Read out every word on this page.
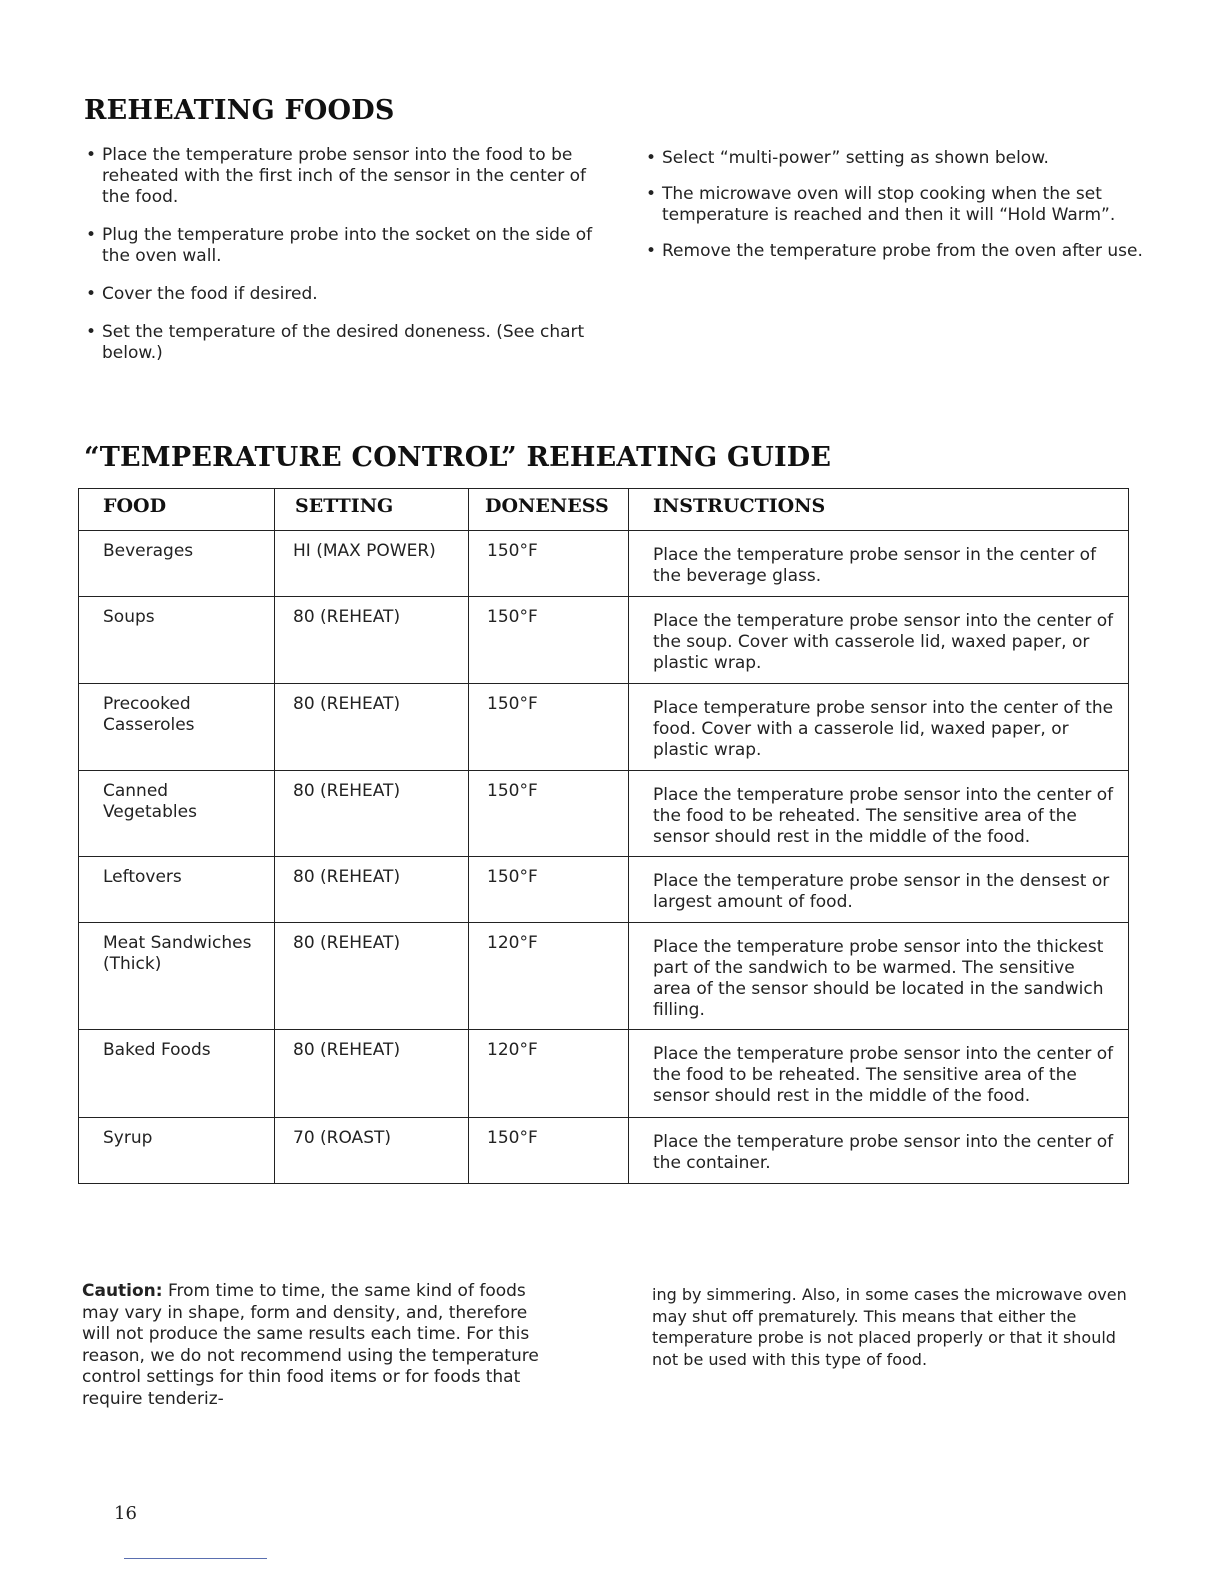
REHEATING FOODS
• Place the temperature probe sensor into the food to be reheated with the first inch of the sensor in the center of the food.
• Plug the temperature probe into the socket on the side of the oven wall.
• Cover the food if desired.
• Set the temperature of the desired doneness. (See chart below.)
• Select “multi-power” setting as shown below.
• The microwave oven will stop cooking when the set temperature is reached and then it will “Hold Warm”.
• Remove the temperature probe from the oven after use.
“TEMPERATURE CONTROL” REHEATING GUIDE
FOOD	SETTING	DONENESS	INSTRUCTIONS
Beverages	HI (MAX POWER)	150°F	Place the temperature probe sensor in the center of the beverage glass.
Soups	80 (REHEAT)	150°F	Place the temperature probe sensor into the center of the soup. Cover with casserole lid, waxed paper, or plastic wrap.
Precooked Casseroles	80 (REHEAT)	150°F	Place temperature probe sensor into the center of the food. Cover with a casserole lid, waxed paper, or plastic wrap.
Canned Vegetables	80 (REHEAT)	150°F	Place the temperature probe sensor into the center of the food to be reheated. The sensitive area of the sensor should rest in the middle of the food.
Leftovers	80 (REHEAT)	150°F	Place the temperature probe sensor in the densest or largest amount of food.
Meat Sandwiches (Thick)	80 (REHEAT)	120°F	Place the temperature probe sensor into the thickest part of the sandwich to be warmed. The sensitive area of the sensor should be located in the sandwich filling.
Baked Foods	80 (REHEAT)	120°F	Place the temperature probe sensor into the center of the food to be reheated. The sensitive area of the sensor should rest in the middle of the food.
Syrup	70 (ROAST)	150°F	Place the temperature probe sensor into the center of the container.

Caution: From time to time, the same kind of foods may vary in shape, form and density, and, therefore will not produce the same results each time. For this reason, we do not recommend using the temperature control settings for thin food items or for foods that require tenderiz-

ing by simmering. Also, in some cases the microwave oven may shut off prematurely. This means that either the temperature probe is not placed properly or that it should not be used with this type of food.

16
